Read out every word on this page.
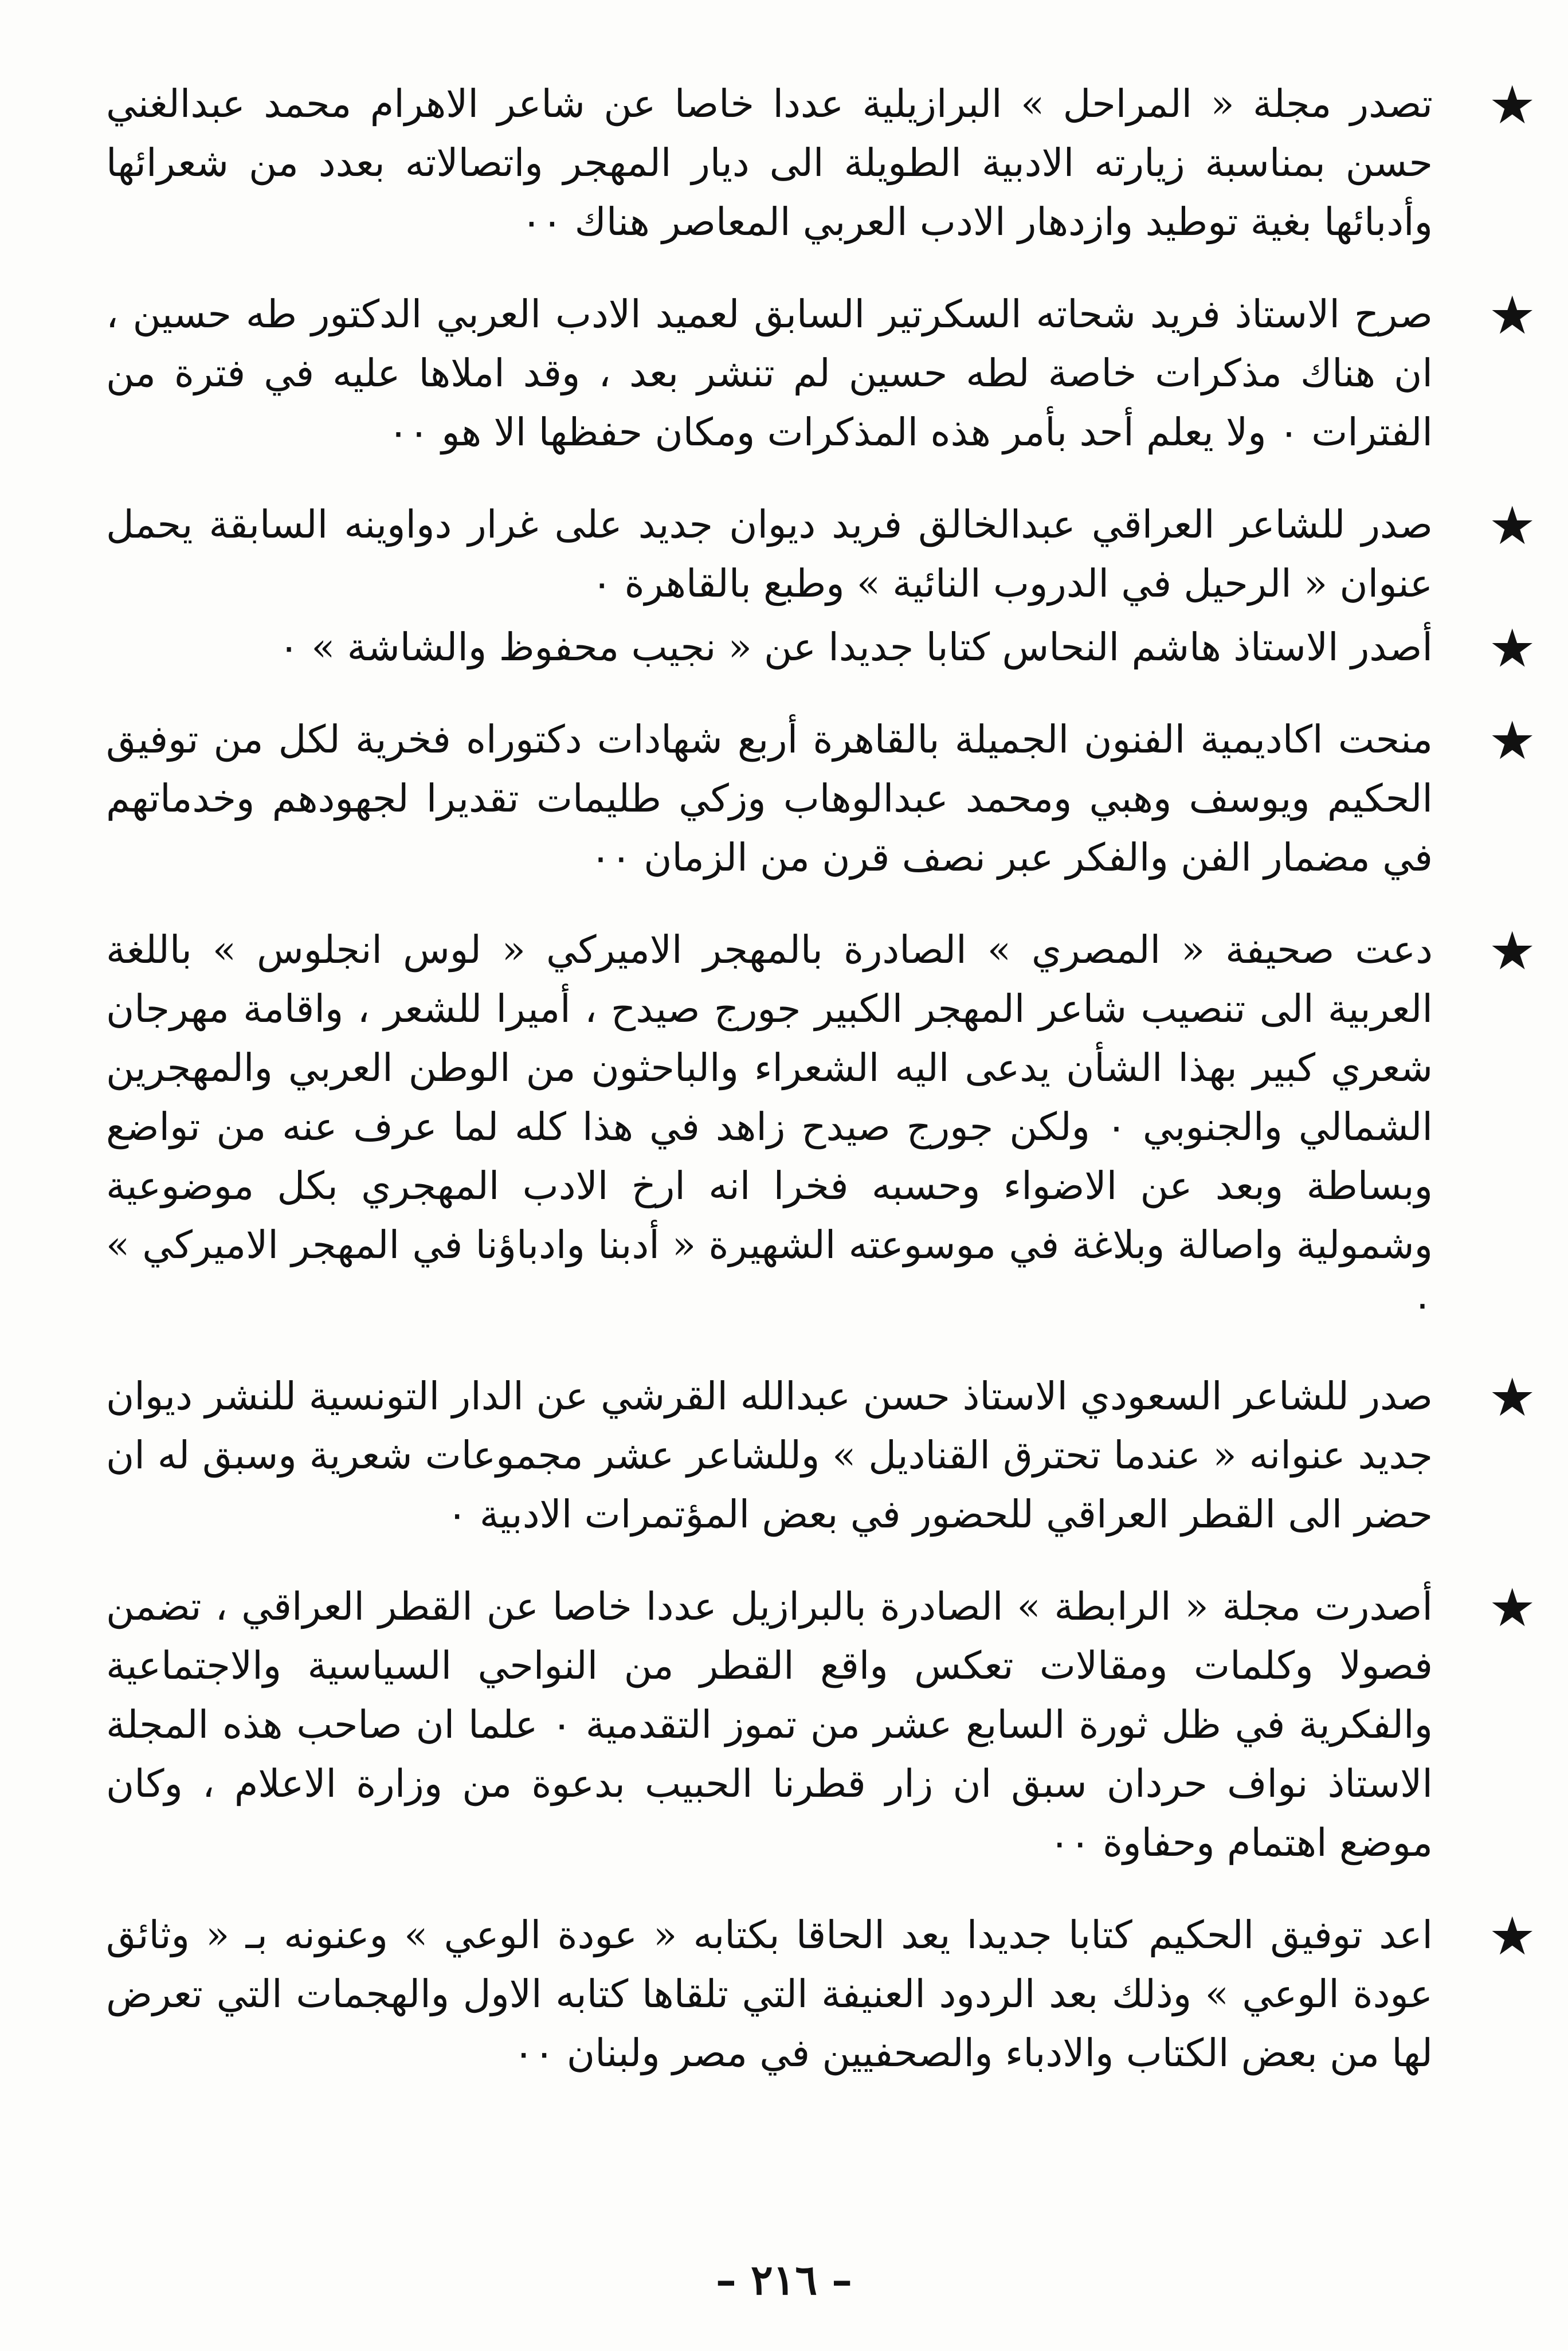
★
تصدر مجلة « المراحل » البرازيلية عددا خاصا عن شاعر الاهرام محمد عبدالغني حسن بمناسبة زيارته الادبية الطويلة الى ديار المهجر واتصالاته بعدد من شعرائها وأدبائها بغية توطيد وازدهار الادب العربي المعاصر هناك ٠٠
★
صرح الاستاذ فريد شحاته السكرتير السابق لعميد الادب العربي الدكتور طه حسين ، ان هناك مذكرات خاصة لطه حسين لم تنشر بعد ، وقد املاها عليه في فترة من الفترات ٠ ولا يعلم أحد بأمر هذه المذكرات ومكان حفظها الا هو ٠٠
★
صدر للشاعر العراقي عبدالخالق فريد ديوان جديد على غرار دواوينه السابقة يحمل عنوان « الرحيل في الدروب النائية » وطبع بالقاهرة ٠
★
أصدر الاستاذ هاشم النحاس كتابا جديدا عن « نجيب محفوظ والشاشة » ٠
★
منحت اكاديمية الفنون الجميلة بالقاهرة أربع شهادات دكتوراه فخرية لكل من توفيق الحكيم ويوسف وهبي ومحمد عبدالوهاب وزكي طليمات تقديرا لجهودهم وخدماتهم في مضمار الفن والفكر عبر نصف قرن من الزمان ٠٠
★
دعت صحيفة « المصري » الصادرة بالمهجر الاميركي « لوس انجلوس » باللغة العربية الى تنصيب شاعر المهجر الكبير جورج صيدح ، أميرا للشعر ، واقامة مهرجان شعري كبير بهذا الشأن يدعى اليه الشعراء والباحثون من الوطن العربي والمهجرين الشمالي والجنوبي ٠ ولكن جورج صيدح زاهد في هذا كله لما عرف عنه من تواضع وبساطة وبعد عن الاضواء وحسبه فخرا انه ارخ الادب المهجري بكل موضوعية وشمولية واصالة وبلاغة في موسوعته الشهيرة « أدبنا وادباؤنا في المهجر الاميركي » ٠
★
صدر للشاعر السعودي الاستاذ حسن عبدالله القرشي عن الدار التونسية للنشر ديوان جديد عنوانه « عندما تحترق القناديل » وللشاعر عشر مجموعات شعرية وسبق له ان حضر الى القطر العراقي للحضور في بعض المؤتمرات الادبية ٠
★
أصدرت مجلة « الرابطة » الصادرة بالبرازيل عددا خاصا عن القطر العراقي ، تضمن فصولا وكلمات ومقالات تعكس واقع القطر من النواحي السياسية والاجتماعية والفكرية في ظل ثورة السابع عشر من تموز التقدمية ٠ علما ان صاحب هذه المجلة الاستاذ نواف حردان سبق ان زار قطرنا الحبيب بدعوة من وزارة الاعلام ، وكان موضع اهتمام وحفاوة ٠٠
★
اعد توفيق الحكيم كتابا جديدا يعد الحاقا بكتابه « عودة الوعي » وعنونه بـ « وثائق عودة الوعي » وذلك بعد الردود العنيفة التي تلقاها كتابه الاول والهجمات التي تعرض لها من بعض الكتاب والادباء والصحفيين في مصر ولبنان ٠٠
– ٢١٦ –
